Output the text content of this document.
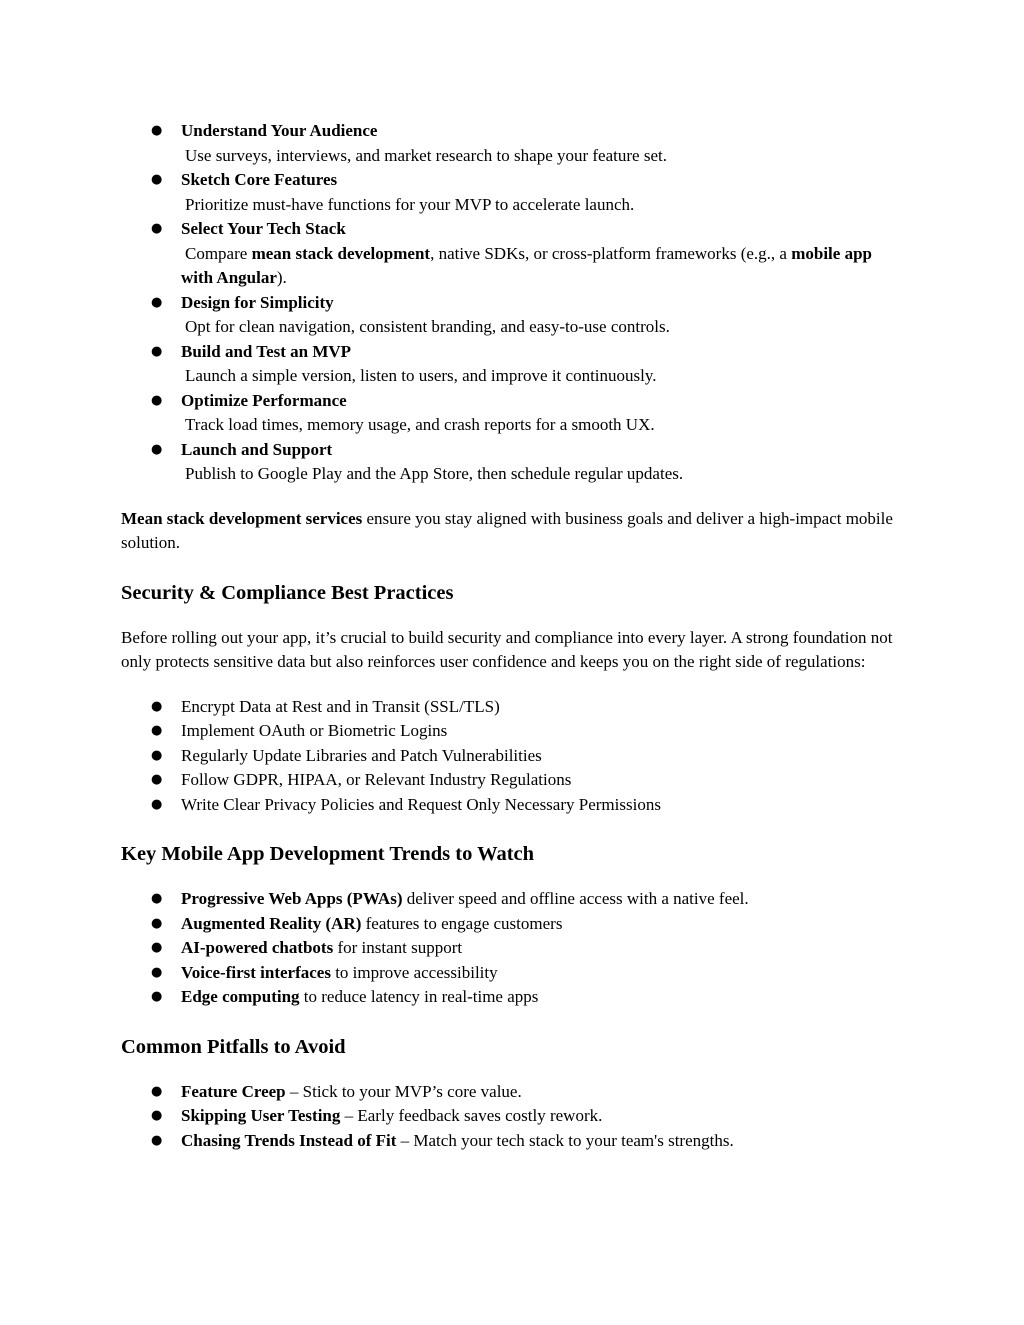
● Understand Your Audience
Use surveys, interviews, and market research to shape your feature set.
● Sketch Core Features
Prioritize must‑have functions for your MVP to accelerate launch.
● Select Your Tech Stack
Compare mean stack development, native SDKs, or cross‑platform frameworks (e.g., a mobile app with Angular).
● Design for Simplicity
Opt for clean navigation, consistent branding, and easy‑to‑use controls.
● Build and Test an MVP
Launch a simple version, listen to users, and improve it continuously.
● Optimize Performance
Track load times, memory usage, and crash reports for a smooth UX.
● Launch and Support
Publish to Google Play and the App Store, then schedule regular updates.

Mean stack development services ensure you stay aligned with business goals and deliver a high‑impact mobile solution.

Security & Compliance Best Practices

Before rolling out your app, it’s crucial to build security and compliance into every layer. A strong foundation not only protects sensitive data but also reinforces user confidence and keeps you on the right side of regulations:

● Encrypt Data at Rest and in Transit (SSL/TLS)
● Implement OAuth or Biometric Logins
● Regularly Update Libraries and Patch Vulnerabilities
● Follow GDPR, HIPAA, or Relevant Industry Regulations
● Write Clear Privacy Policies and Request Only Necessary Permissions
Key Mobile App Development Trends to Watch
● Progressive Web Apps (PWAs) deliver speed and offline access with a native feel.
● Augmented Reality (AR) features to engage customers
● AI‑powered chatbots for instant support
● Voice‑first interfaces to improve accessibility
● Edge computing to reduce latency in real‑time apps
Common Pitfalls to Avoid
● Feature Creep – Stick to your MVP’s core value.
● Skipping User Testing – Early feedback saves costly rework.
● Chasing Trends Instead of Fit – Match your tech stack to your team's strengths.
